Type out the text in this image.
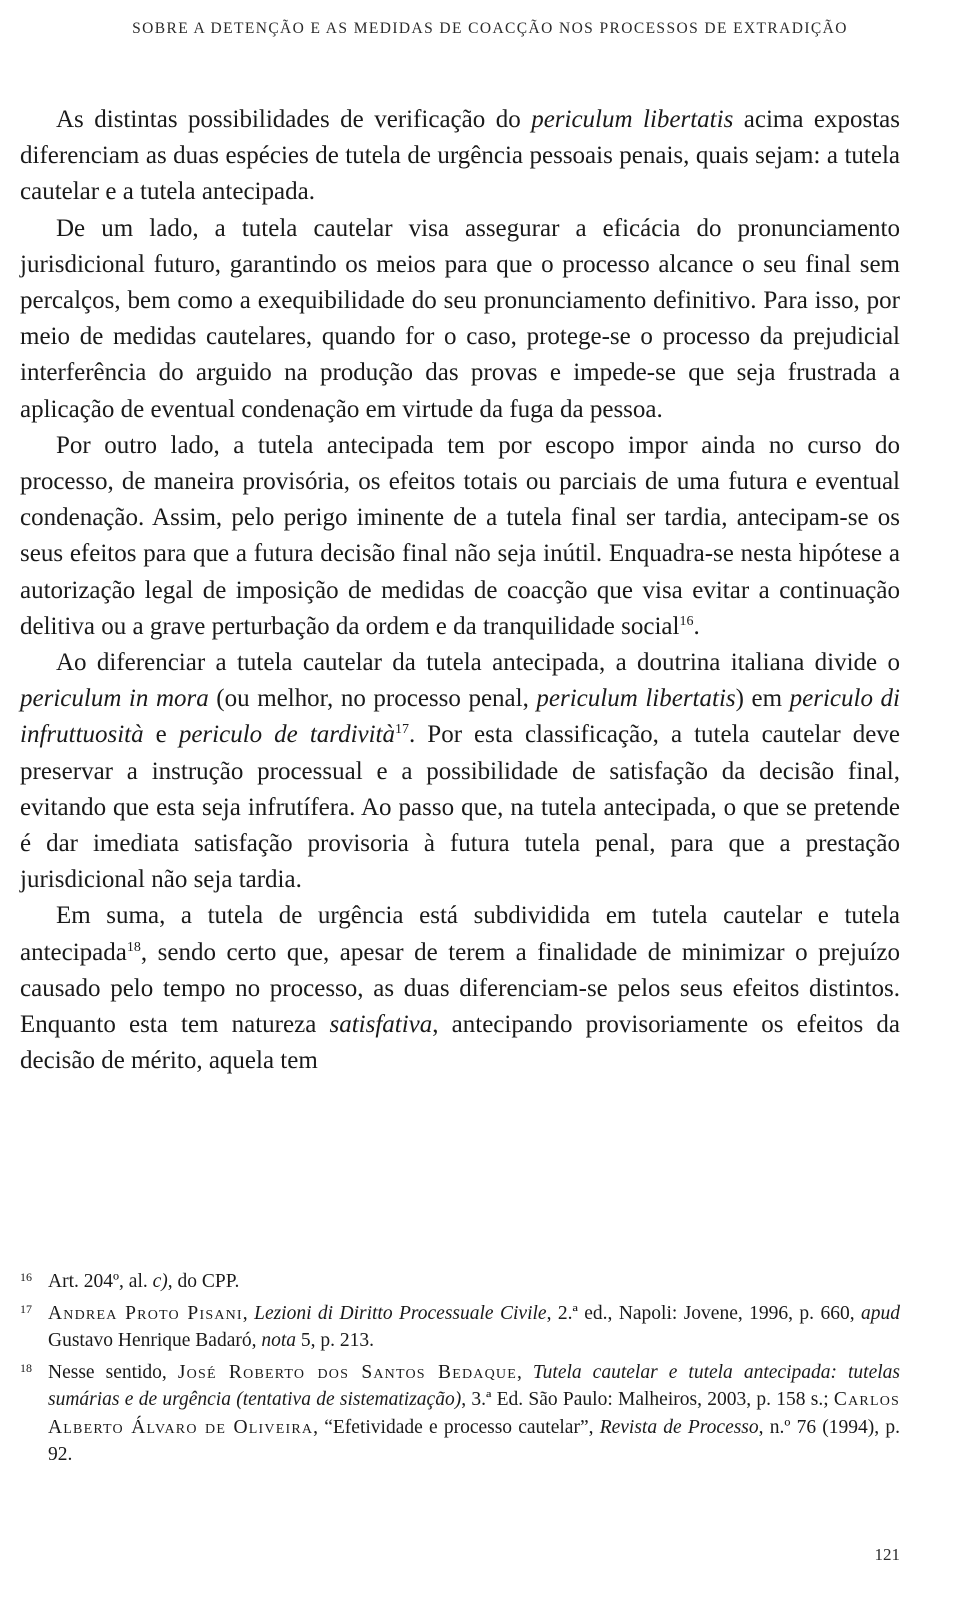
SOBRE A DETENÇÃO E AS MEDIDAS DE COACÇÃO NOS PROCESSOS DE EXTRADIÇÃO

As distintas possibilidades de verificação do periculum libertatis acima expostas diferenciam as duas espécies de tutela de urgência pessoais penais, quais sejam: a tutela cautelar e a tutela antecipada.

De um lado, a tutela cautelar visa assegurar a eficácia do pronunciamento jurisdicional futuro, garantindo os meios para que o processo alcance o seu final sem percalços, bem como a exequibilidade do seu pronunciamento definitivo. Para isso, por meio de medidas cautelares, quando for o caso, protege-se o processo da prejudicial interferência do arguido na produção das provas e impede-se que seja frustrada a aplicação de eventual condenação em virtude da fuga da pessoa.

Por outro lado, a tutela antecipada tem por escopo impor ainda no curso do processo, de maneira provisória, os efeitos totais ou parciais de uma futura e eventual condenação. Assim, pelo perigo iminente de a tutela final ser tardia, antecipam-se os seus efeitos para que a futura decisão final não seja inútil. Enquadra-se nesta hipótese a autorização legal de imposição de medidas de coacção que visa evitar a continuação delitiva ou a grave perturbação da ordem e da tranquilidade social$^{16}$.

Ao diferenciar a tutela cautelar da tutela antecipada, a doutrina italiana divide o periculum in mora (ou melhor, no processo penal, periculum libertatis) em periculo di infruttuosità e periculo de tardività$^{17}$. Por esta classificação, a tutela cautelar deve preservar a instrução processual e a possibilidade de satisfação da decisão final, evitando que esta seja infrutífera. Ao passo que, na tutela antecipada, o que se pretende é dar imediata satisfação provisoria à futura tutela penal, para que a prestação jurisdicional não seja tardia.

Em suma, a tutela de urgência está subdividida em tutela cautelar e tutela antecipada$^{18}$, sendo certo que, apesar de terem a finalidade de minimizar o prejuízo causado pelo tempo no processo, as duas diferenciam-se pelos seus efeitos distintos. Enquanto esta tem natureza satisfativa, antecipando provisoriamente os efeitos da decisão de mérito, aquela tem

16 Art. 204º, al. c), do CPP.

17 Andrea Proto Pisani, Lezioni di Diritto Processuale Civile, 2.ª ed., Napoli: Jovene, 1996, p. 660, apud Gustavo Henrique Badaró, nota 5, p. 213.

18 Nesse sentido, José Roberto dos Santos Bedaque, Tutela cautelar e tutela antecipada: tutelas sumárias e de urgência (tentativa de sistematização), 3.ª Ed. São Paulo: Malheiros, 2003, p. 158 s.; Carlos Alberto Álvaro de Oliveira, “Efetividade e processo cautelar”, Revista de Processo, n.º 76 (1994), p. 92.

121
